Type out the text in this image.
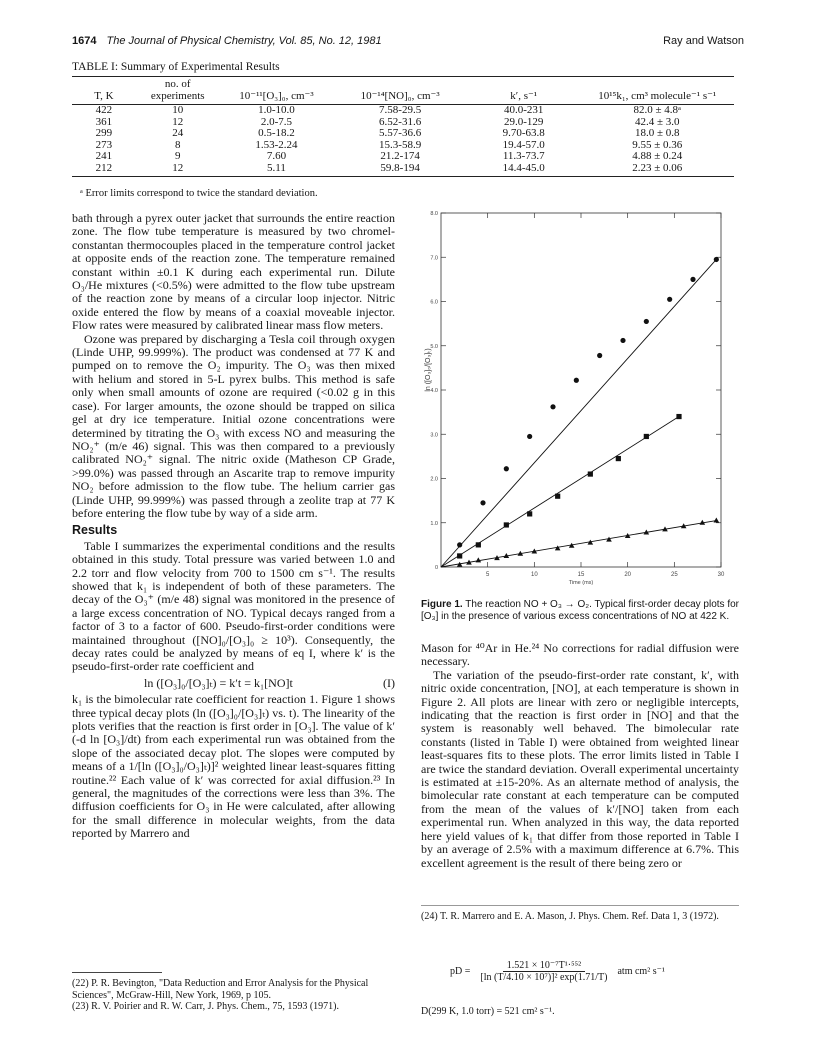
1674 The Journal of Physical Chemistry, Vol. 85, No. 12, 1981	Ray and Watson
TABLE I: Summary of Experimental Results
T, K	no. of experiments	10⁻¹¹[O₃]₀, cm⁻³	10⁻¹⁴[NO]₀, cm⁻³	k′, s⁻¹	10¹⁵k₁, cm³ molecule⁻¹ s⁻¹
422	10	1.0-10.0	7.58-29.5	40.0-231	82.0 ± 4.8ᵃ
361	12	2.0-7.5	6.52-31.6	29.0-129	42.4 ± 3.0
299	24	0.5-18.2	5.57-36.6	9.70-63.8	18.0 ± 0.8
273	8	1.53-2.24	15.3-58.9	19.4-57.0	9.55 ± 0.36
241	9	7.60	21.2-174	11.3-73.7	4.88 ± 0.24
212	12	5.11	59.8-194	14.4-45.0	2.23 ± 0.06
ᵃ Error limits correspond to twice the standard deviation.

bath through a pyrex outer jacket that surrounds the entire reaction zone. The flow tube temperature is measured by two chromel-constantan thermocouples placed in the temperature control jacket at opposite ends of the reaction zone. The temperature remained constant within ±0.1 K during each experimental run. Dilute O₃/He mixtures (<0.5%) were admitted to the flow tube upstream of the reaction zone by means of a circular loop injector. Nitric oxide entered the flow by means of a coaxial moveable injector. Flow rates were measured by calibrated linear mass flow meters.

Ozone was prepared by discharging a Tesla coil through oxygen (Linde UHP, 99.999%). The product was condensed at 77 K and pumped on to remove the O₂ impurity. The O₃ was then mixed with helium and stored in 5-L pyrex bulbs. This method is safe only when small amounts of ozone are required (<0.02 g in this case). For larger amounts, the ozone should be trapped on silica gel at dry ice temperature. Initial ozone concentrations were determined by titrating the O₃ with excess NO and measuring the NO₂⁺ (m/e 46) signal. This was then compared to a previously calibrated NO₂⁺ signal. The nitric oxide (Matheson CP Grade, >99.0%) was passed through an Ascarite trap to remove impurity NO₂ before admission to the flow tube. The helium carrier gas (Linde UHP, 99.999%) was passed through a zeolite trap at 77 K before entering the flow tube by way of a side arm.

Results

Table I summarizes the experimental conditions and the results obtained in this study. Total pressure was varied between 1.0 and 2.2 torr and flow velocity from 700 to 1500 cm s⁻¹. The results showed that k₁ is independent of both of these parameters. The decay of the O₃⁺ (m/e 48) signal was monitored in the presence of a large excess concentration of NO. Typical decays ranged from a factor of 3 to a factor of 600. Pseudo-first-order conditions were maintained throughout ([NO]₀/[O₃]₀ ≥ 10³). Consequently, the decay rates could be analyzed by means of eq I, where k′ is the pseudo-first-order rate coefficient and

ln ([O₃]₀/[O₃]ₜ) = k′t = k₁[NO]t	(I)

k₁ is the bimolecular rate coefficient for reaction 1. Figure 1 shows three typical decay plots (ln ([O₃]₀/[O₃]ₜ) vs. t). The linearity of the plots verifies that the reaction is first order in [O₃]. The value of k′(-d ln [O₃]/dt) from each experimental run was obtained from the slope of the associated decay plot. The slopes were computed by means of a 1/[ln ([O₃]₀/O₃]ₜ)]² weighted linear least-squares fitting routine.²² Each value of k′ was corrected for axial diffusion.²³ In general, the magnitudes of the corrections were less than 3%. The diffusion coefficients for O₃ in He were calculated, after allowing for the small difference in molecular weights, from the data reported by Marrero and

(22) P. R. Bevington, "Data Reduction and Error Analysis for the Physical Sciences", McGraw-Hill, New York, 1969, p 105.
(23) R. V. Poirier and R. W. Carr, J. Phys. Chem., 75, 1593 (1971).
8.0
7.0
6.0
5.0
4.0
3.0
2.0
1.0
0
5	10	15	20	25	30
Time (ms)
ln ([O₃]₀/[O₃]ₜ)
Figure 1. The reaction NO + O₃ → O₂. Typical first-order decay plots for [O₃] in the presence of various excess concentrations of NO at 422 K.

Mason for ⁴⁰Ar in He.²⁴ No corrections for radial diffusion were necessary.

The variation of the pseudo-first-order rate constant, k′, with nitric oxide concentration, [NO], at each temperature is shown in Figure 2. All plots are linear with zero or negligible intercepts, indicating that the reaction is first order in [NO] and that the system is reasonably well behaved. The bimolecular rate constants (listed in Table I) were obtained from weighted linear least-squares fits to these plots. The error limits listed in Table I are twice the standard deviation. Overall experimental uncertainty is estimated at ±15-20%. As an alternate method of analysis, the bimolecular rate constant at each temperature can be computed from the mean of the values of k′/[NO] taken from each experimental run. When analyzed in this way, the data reported here yield values of k₁ that differ from those reported in Table I by an average of 2.5% with a maximum difference at 6.7%. This excellent agreement is the result of there being zero or

(24) T. R. Marrero and E. A. Mason, J. Phys. Chem. Ref. Data 1, 3 (1972).
pD = $\frac{\text{1.521 × 10⁻⁷T¹·⁵⁵²}}{\text{[ln (T/4.10 × 10⁷)]² exp(1.71/T)}}$ atm cm² s⁻¹
D(299 K, 1.0 torr) = 521 cm² s⁻¹.
